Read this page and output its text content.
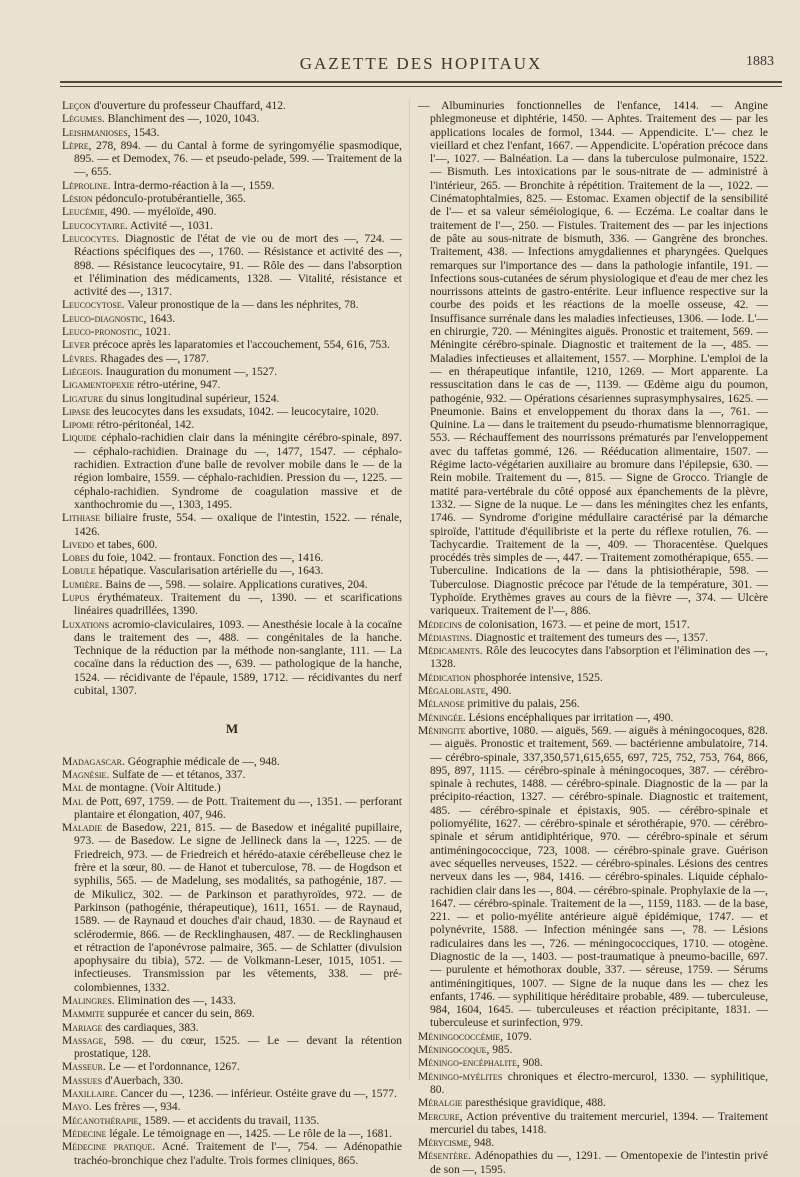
GAZETTE DES HOPITAUX	1883

Leçon d'ouverture du professeur Chauffard, 412.

Légumes. Blanchiment des —, 1020, 1043.

Leishmanioses, 1543.

Lèpre, 278, 894. — du Cantal à forme de syringomyélie spasmodique, 895. — et Demodex, 76. — et pseudo-pelade, 599. — Traitement de la —, 655.

Léproline. Intra-dermo-réaction à la —, 1559.

Lésion pédonculo-protubérantielle, 365.

Leucémie, 490. — myéloïde, 490.

Leucocytaire. Activité —, 1031.

Leucocytes. Diagnostic de l'état de vie ou de mort des —, 724. — Réactions spécifiques des —, 1760. — Résistance et activité des —, 898. — Résistance leucocytaire, 91. — Rôle des — dans l'absorption et l'élimination des médicaments, 1328. — Vitalité, résistance et activité des —, 1317.

Leucocytose. Valeur pronostique de la — dans les néphrites, 78.

Leuco-diagnostic, 1643.

Leuco-pronostic, 1021.

Lever précoce après les laparatomies et l'accouchement, 554, 616, 753.

Lèvres. Rhagades des —, 1787.

Liégeois. Inauguration du monument —, 1527.

Ligamentopexie rétro-utérine, 947.

Ligature du sinus longitudinal supérieur, 1524.

Lipase des leucocytes dans les exsudats, 1042. — leucocytaire, 1020.

Lipome rétro-péritonéal, 142.

Liquide céphalo-rachidien clair dans la méningite cérébro-spinale, 897. — céphalo-rachidien. Drainage du —, 1477, 1547. — céphalo-rachidien. Extraction d'une balle de revolver mobile dans le — de la région lombaire, 1559. — céphalo-rachidien. Pression du —, 1225. — céphalo-rachidien. Syndrome de coagulation massive et de xanthochromie du —, 1303, 1495.

Lithiase biliaire fruste, 554. — oxalique de l'intestin, 1522. — rénale, 1426.

Livedo et tabes, 600.

Lobes du foie, 1042. — frontaux. Fonction des —, 1416.

Lobule hépatique. Vascularisation artérielle du —, 1643.

Lumière. Bains de —, 598. — solaire. Applications curatives, 204.

Lupus érythémateux. Traitement du —, 1390. — et scarifications linéaires quadrillées, 1390.

Luxations acromio-claviculaires, 1093. — Anesthésie locale à la cocaïne dans le traitement des —, 488. — congénitales de la hanche. Technique de la réduction par la méthode non-sanglante, 111. — La cocaïne dans la réduction des —, 639. — pathologique de la hanche, 1524. — récidivante de l'épaule, 1589, 1712. — récidivantes du nerf cubital, 1307.

M

Madagascar. Géographie médicale de —, 948.

Magnésie. Sulfate de — et tétanos, 337.

Mal de montagne. (Voir Altitude.)

Mal de Pott, 697, 1759. — de Pott. Traitement du —, 1351. — perforant plantaire et élongation, 407, 946.

Maladie de Basedow, 221, 815. — de Basedow et inégalité pupillaire, 973. — de Basedow. Le signe de Jellineck dans la —, 1225. — de Friedreich, 973. — de Friedreich et hérédo-ataxie cérébelleuse chez le frère et la sœur, 80. — de Hanot et tuberculose, 78. — de Hogdson et syphilis, 565. — de Madelung, ses modalités, sa pathogénie, 187. — de Mikulicz, 302. — de Parkinson et parathyroïdes, 972. — de Parkinson (pathogénie, thérapeutique), 1611, 1651. — de Raynaud, 1589. — de Raynaud et douches d'air chaud, 1830. — de Raynaud et sclérodermie, 866. — de Recklinghausen, 487. — de Recklinghausen et rétraction de l'aponévrose palmaire, 365. — de Schlatter (divulsion apophysaire du tibia), 572. — de Volkmann-Leser, 1015, 1051. — infectieuses. Transmission par les vêtements, 338. — pré-colombiennes, 1332.

Malingres. Elimination des —, 1433.

Mammite suppurée et cancer du sein, 869.

Mariage des cardiaques, 383.

Massage, 598. — du cœur, 1525. — Le — devant la rétention prostatique, 128.

Masseur. Le — et l'ordonnance, 1267.

Massues d'Auerbach, 330.

Maxillaire. Cancer du —, 1236. — inférieur. Ostéite grave du —, 1577.

Mayo. Les frères —, 934.

Mécanothérapie, 1589. — et accidents du travail, 1135.

Médecine légale. Le témoignage en —, 1425. — Le rôle de la —, 1681.

Médecine pratique. Acné. Traitement de l'—, 754. — Adénopathie trachéo-bronchique chez l'adulte. Trois formes cliniques, 865.

— Albuminuries fonctionnelles de l'enfance, 1414. — Angine phlegmoneuse et diphtérie, 1450. — Aphtes. Traitement des — par les applications locales de formol, 1344. — Appendicite. L'— chez le vieillard et chez l'enfant, 1667. — Appendicite. L'opération précoce dans l'—, 1027. — Balnéation. La — dans la tuberculose pulmonaire, 1522. — Bismuth. Les intoxications par le sous-nitrate de — administré à l'intérieur, 265. — Bronchite à répétition. Traitement de la —, 1022. — Cinématophtalmies, 825. — Estomac. Examen objectif de la sensibilité de l'— et sa valeur séméiologique, 6. — Eczéma. Le coaltar dans le traitement de l'—, 250. — Fistules. Traitement des — par les injections de pâte au sous-nitrate de bismuth, 336. — Gangrène des bronches. Traitement, 438. — Infections amygdaliennes et pharyngées. Quelques remarques sur l'importance des — dans la pathologie infantile, 191. — Infections sous-cutanées de sérum physiologique et d'eau de mer chez les nourrissons atteints de gastro-entérite. Leur influence respective sur la courbe des poids et les réactions de la moelle osseuse, 42. — Insuffisance surrénale dans les maladies infectieuses, 1306. — Iode. L'— en chirurgie, 720. — Méningites aiguës. Pronostic et traitement, 569. — Méningite cérébro-spinale. Diagnostic et traitement de la —, 485. — Maladies infectieuses et allaitement, 1557. — Morphine. L'emploi de la — en thérapeutique infantile, 1210, 1269. — Mort apparente. La ressuscitation dans le cas de —, 1139. — Œdème aigu du poumon, pathogénie, 932. — Opérations césariennes suprasymphysaires, 1625. — Pneumonie. Bains et enveloppement du thorax dans la —, 761. — Quinine. La — dans le traitement du pseudo-rhumatisme blennorragique, 553. — Réchauffement des nourrissons prématurés par l'enveloppement avec du taffetas gommé, 126. — Rééducation alimentaire, 1507. — Régime lacto-végétarien auxiliaire au bromure dans l'épilepsie, 630. — Rein mobile. Traitement du —, 815. — Signe de Grocco. Triangle de matité para-vertébrale du côté opposé aux épanchements de la plèvre, 1332. — Signe de la nuque. Le — dans les méningites chez les enfants, 1746. — Syndrome d'origine médullaire caractérisé par la démarche spiroïde, l'attitude d'équilibriste et la perte du réflexe rotulien, 76. — Tachycardie. Traitement de la —, 409. — Thoracentèse. Quelques procédés très simples de —, 447. — Traitement zomothérapique, 655. — Tuberculine. Indications de la — dans la phtisiothérapie, 598. — Tuberculose. Diagnostic précoce par l'étude de la température, 301. — Typhoïde. Erythèmes graves au cours de la fièvre —, 374. — Ulcère variqueux. Traitement de l'—, 886.

Médecins de colonisation, 1673. — et peine de mort, 1517.

Médiastins. Diagnostic et traitement des tumeurs des —, 1357.

Médicaments. Rôle des leucocytes dans l'absorption et l'élimination des —, 1328.

Médication phosphorée intensive, 1525.

Mégaloblaste, 490.

Mélanose primitive du palais, 256.

Méningée. Lésions encéphaliques par irritation —, 490.

Méningite abortive, 1080. — aiguës, 569. — aiguës à méningocoques, 828. — aiguës. Pronostic et traitement, 569. — bactérienne ambulatoire, 714. — cérébro-spinale, 337,350,571,615,655, 697, 725, 752, 753, 764, 866, 895, 897, 1115. — cérébro-spinale à méningocoques, 387. — cérébro-spinale à rechutes, 1488. — cérébro-spinale. Diagnostic de la — par la précipito-réaction, 1327. — cérébro-spinale. Diagnostic et traitement, 485. — cérébro-spinale et épistaxis, 905. — cérébro-spinale et poliomyélite, 1627. — cérébro-spinale et sérothérapie, 970. — cérébro-spinale et sérum antidiphtérique, 970. — cérébro-spinale et sérum antiméningococcique, 723, 1008. — cérébro-spinale grave. Guérison avec séquelles nerveuses, 1522. — cérébro-spinales. Lésions des centres nerveux dans les —, 984, 1416. — cérébro-spinales. Liquide céphalo-rachidien clair dans les —, 804. — cérébro-spinale. Prophylaxie de la —, 1647. — cérébro-spinale. Traitement de la —, 1159, 1183. — de la base, 221. — et polio-myélite antérieure aiguë épidémique, 1747. — et polynévrite, 1588. — Infection méningée sans —, 78. — Lésions radiculaires dans les —, 726. — méningococciques, 1710. — otogène. Diagnostic de la —, 1403. — post-traumatique à pneumo-bacille, 697. — purulente et hémothorax double, 337. — séreuse, 1759. — Sérums antiméningitiques, 1007. — Signe de la nuque dans les — chez les enfants, 1746. — syphilitique héréditaire probable, 489. — tuberculeuse, 984, 1604, 1645. — tuberculeuses et réaction précipitante, 1831. — tuberculeuse et surinfection, 979.

Méningococcémie, 1079.

Méningocoque, 985.

Méningo-encéphalite, 908.

Méningo-myélites chroniques et électro-mercurol, 1330. — syphilitique, 80.

Méralgie paresthésique gravidique, 488.

Mercure, Action préventive du traitement mercuriel, 1394. — Traitement mercuriel du tabes, 1418.

Mérycisme, 948.

Mésentère. Adénopathies du —, 1291. — Omentopexie de l'intestin privé de son —, 1595.
